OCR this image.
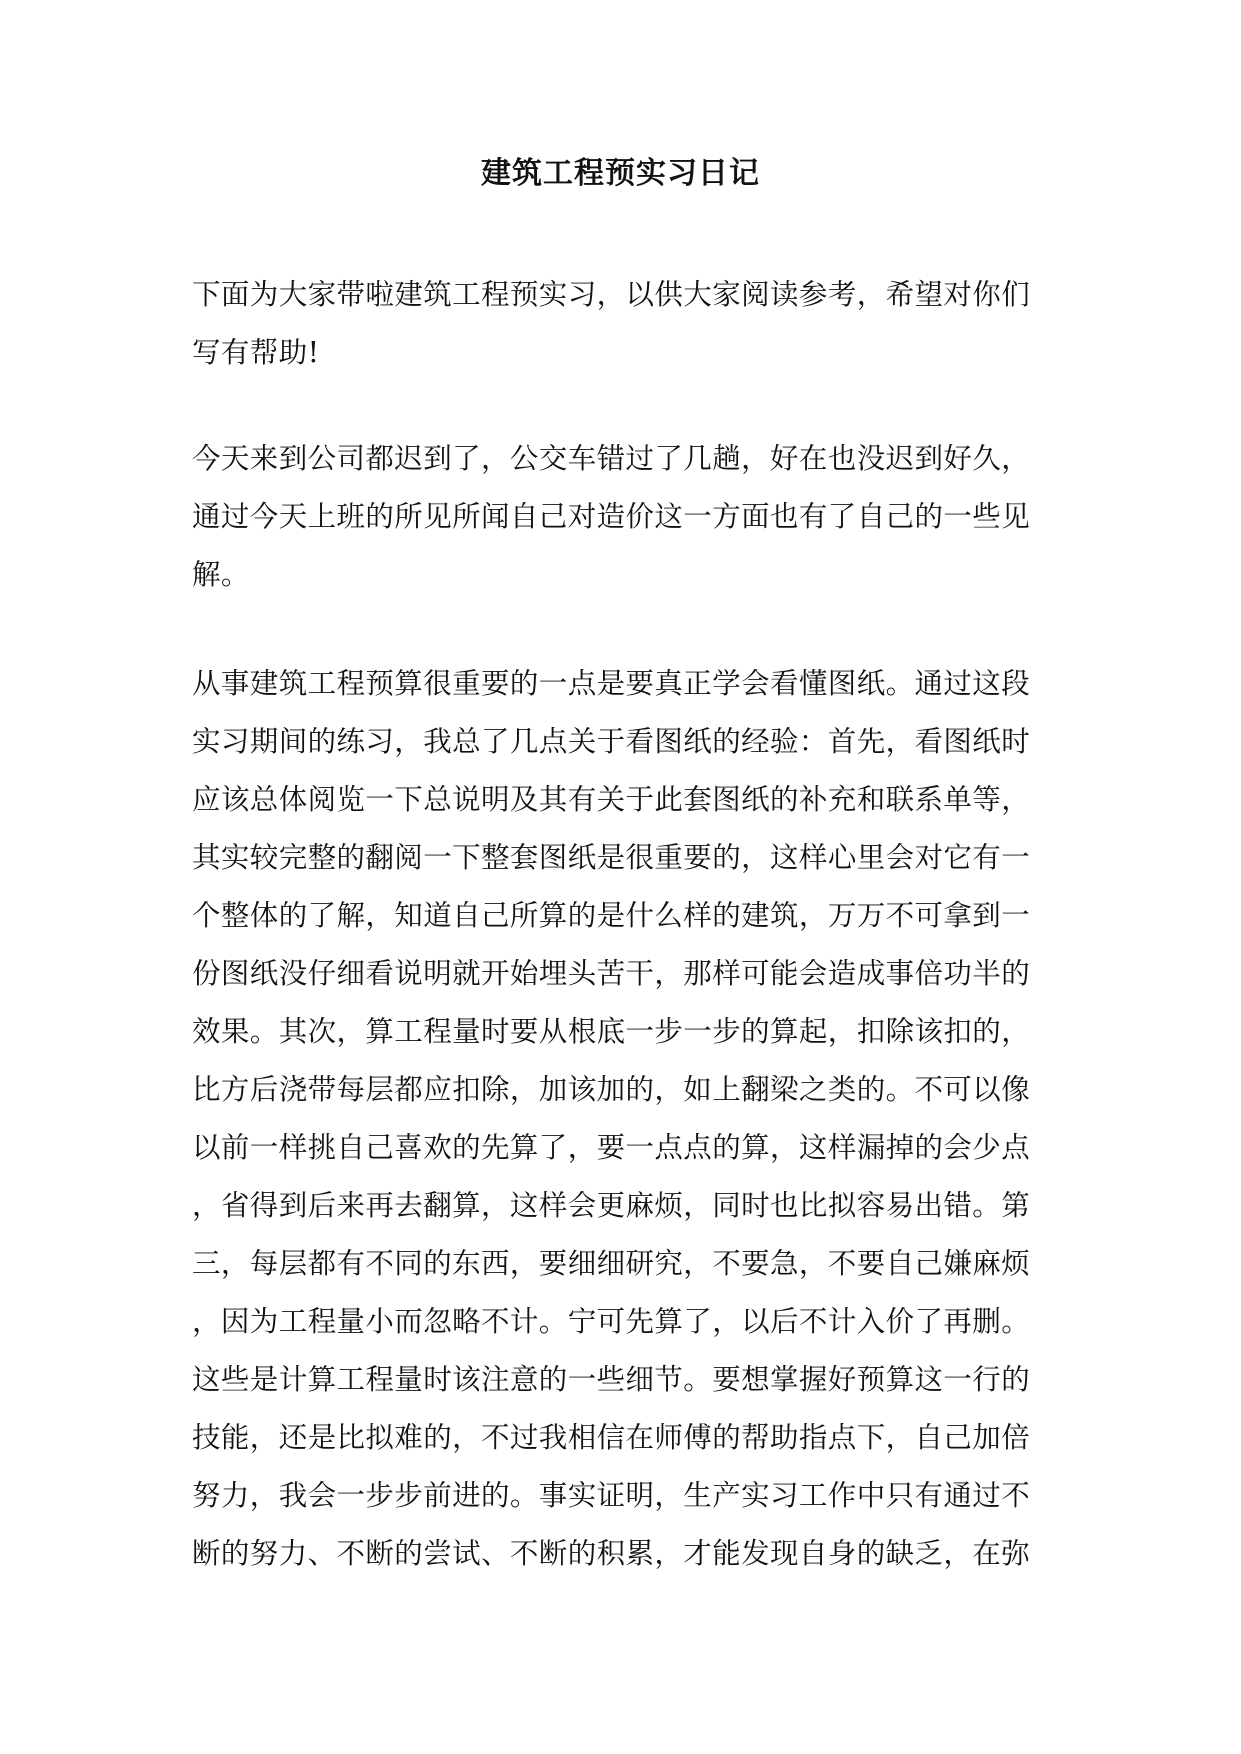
建筑工程预实习日记
下面为大家带啦建筑工程预实习，以供大家阅读参考，希望对你们
写有帮助!
今天来到公司都迟到了，公交车错过了几趟，好在也没迟到好久，
通过今天上班的所见所闻自己对造价这一方面也有了自己的一些见
解。
从事建筑工程预算很重要的一点是要真正学会看懂图纸。通过这段
实习期间的练习，我总了几点关于看图纸的经验：首先，看图纸时
应该总体阅览一下总说明及其有关于此套图纸的补充和联系单等，
其实较完整的翻阅一下整套图纸是很重要的，这样心里会对它有一
个整体的了解，知道自己所算的是什么样的建筑，万万不可拿到一
份图纸没仔细看说明就开始埋头苦干，那样可能会造成事倍功半的
效果。其次，算工程量时要从根底一步一步的算起，扣除该扣的，
比方后浇带每层都应扣除，加该加的，如上翻梁之类的。不可以像
以前一样挑自己喜欢的先算了，要一点点的算，这样漏掉的会少点
，省得到后来再去翻算，这样会更麻烦，同时也比拟容易出错。第
三，每层都有不同的东西，要细细研究，不要急，不要自己嫌麻烦
，因为工程量小而忽略不计。宁可先算了，以后不计入价了再删。
这些是计算工程量时该注意的一些细节。要想掌握好预算这一行的
技能，还是比拟难的，不过我相信在师傅的帮助指点下，自己加倍
努力，我会一步步前进的。事实证明，生产实习工作中只有通过不
断的努力、不断的尝试、不断的积累，才能发现自身的缺乏，在弥
